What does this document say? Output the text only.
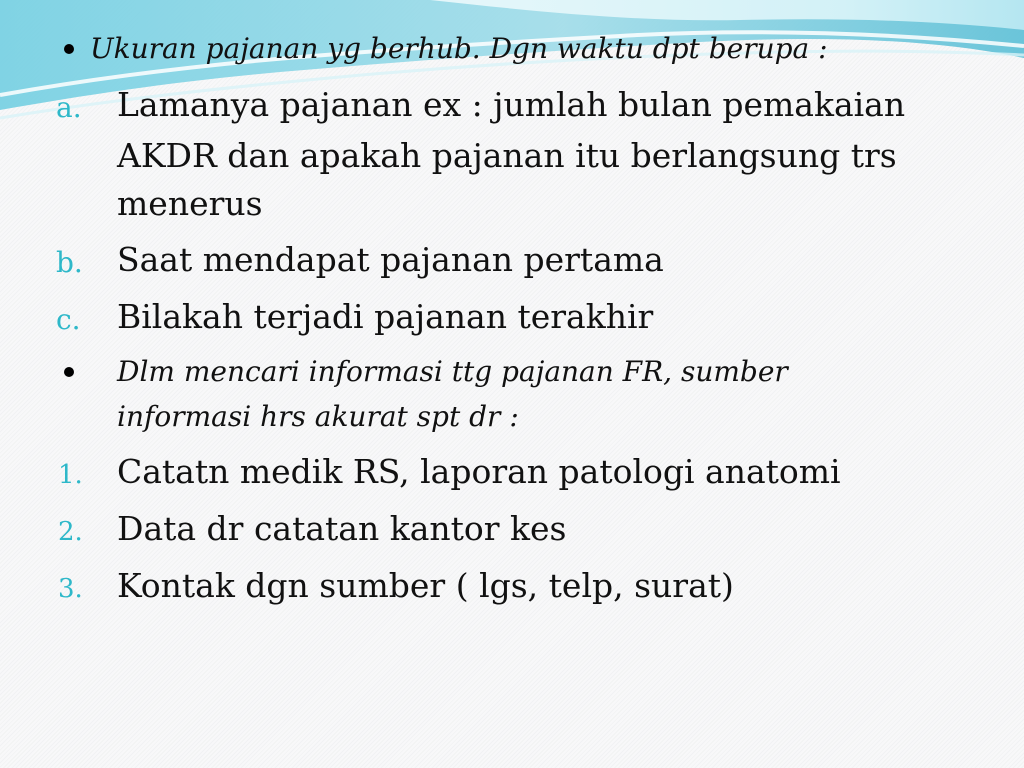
Ukuran pajanan yg berhub. Dgn waktu dpt berupa :
a. Lamanya pajanan ex : jumlah bulan pemakaian
AKDR dan apakah pajanan itu berlangsung trs
menerus
b. Saat mendapat pajanan pertama
c. Bilakah terjadi pajanan terakhir
Dlm mencari informasi ttg pajanan FR, sumber
informasi hrs akurat spt dr :
1. Catatn medik RS, laporan patologi anatomi
2. Data dr catatan kantor kes
3. Kontak dgn sumber ( lgs, telp, surat)
